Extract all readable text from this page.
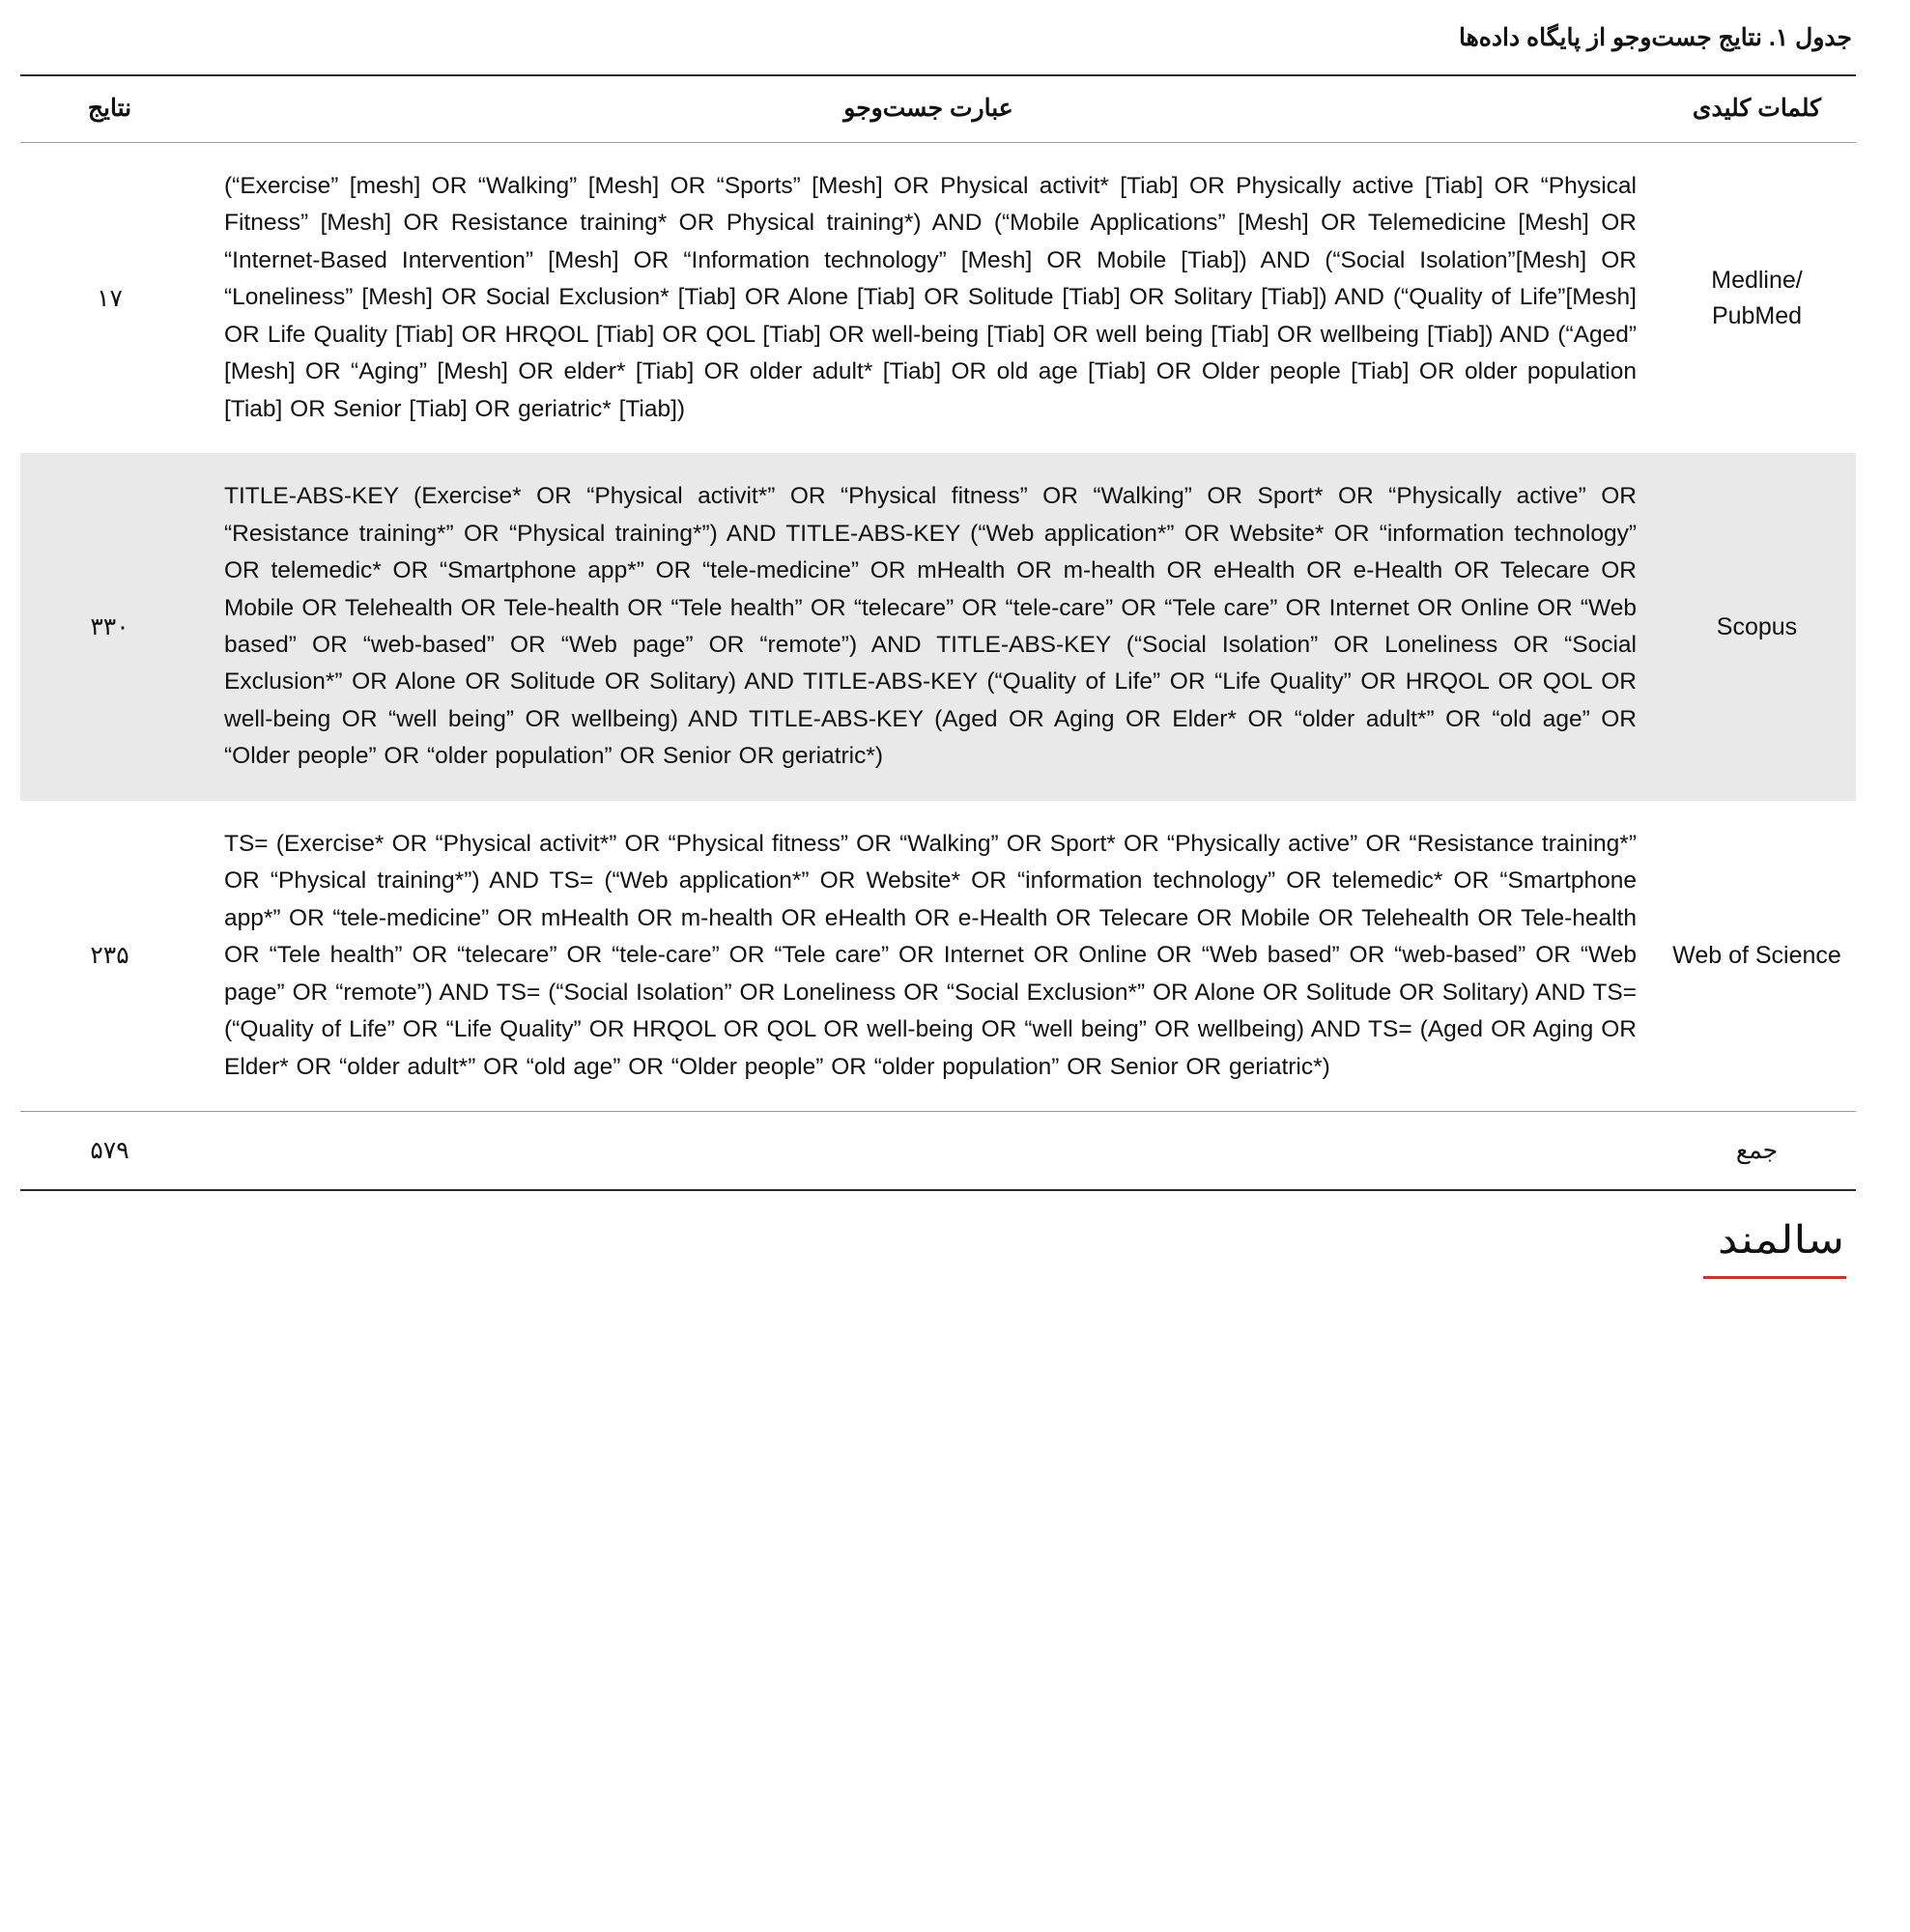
جدول ۱. نتایج جست‌وجو از پایگاه داده‌ها
کلمات کلیدی	عبارت جست‌وجو	نتایج
Medline/ PubMed	(“Exercise” [mesh] OR “Walking” [Mesh] OR “Sports” [Mesh] OR Physical activit* [Tiab] OR Physically active [Tiab] OR “Physical Fitness” [Mesh] OR Resistance training* OR Physical training*) AND (“Mobile Applications” [Mesh] OR Telemedicine [Mesh] OR “Internet-Based Intervention” [Mesh] OR “Information technology” [Mesh] OR Mobile [Tiab]) AND (“Social Isolation”[Mesh] OR “Loneliness” [Mesh] OR Social Exclusion* [Tiab] OR Alone [Tiab] OR Solitude [Tiab] OR Solitary [Tiab]) AND (“Quality of Life”[Mesh] OR Life Quality [Tiab] OR HRQOL [Tiab] OR QOL [Tiab] OR well-being [Tiab] OR well being [Tiab] OR wellbeing [Tiab]) AND (“Aged” [Mesh] OR “Aging” [Mesh] OR elder* [Tiab] OR older adult* [Tiab] OR old age [Tiab] OR Older people [Tiab] OR older population [Tiab] OR Senior [Tiab] OR geriatric* [Tiab])	۱۷
Scopus	TITLE-ABS-KEY (Exercise* OR “Physical activit*” OR “Physical fitness” OR “Walking” OR Sport* OR “Physically active” OR “Resistance training*” OR “Physical training*”) AND TITLE-ABS-KEY (“Web application*” OR Website* OR “information technology” OR telemedic* OR “Smartphone app*” OR “tele-medicine” OR mHealth OR m-health OR eHealth OR e-Health OR Telecare OR Mobile OR Telehealth OR Tele-health OR “Tele health” OR “telecare” OR “tele-care” OR “Tele care” OR Internet OR Online OR “Web based” OR “web-based” OR “Web page” OR “remote”) AND TITLE-ABS-KEY (“Social Isolation” OR Loneliness OR “Social Exclusion*” OR Alone OR Solitude OR Solitary) AND TITLE-ABS-KEY (“Quality of Life” OR “Life Quality” OR HRQOL OR QOL OR well-being OR “well being” OR wellbeing) AND TITLE-ABS-KEY (Aged OR Aging OR Elder* OR “older adult*” OR “old age” OR “Older people” OR “older population” OR Senior OR geriatric*)	۳۳۰
Web of Science	TS= (Exercise* OR “Physical activit*” OR “Physical fitness” OR “Walking” OR Sport* OR “Physically active” OR “Resistance training*” OR “Physical training*”) AND TS= (“Web application*” OR Website* OR “information technology” OR telemedic* OR “Smartphone app*” OR “tele-medicine” OR mHealth OR m-health OR eHealth OR e-Health OR Telecare OR Mobile OR Telehealth OR Tele-health OR “Tele health” OR “telecare” OR “tele-care” OR “Tele care” OR Internet OR Online OR “Web based” OR “web-based” OR “Web page” OR “remote”) AND TS= (“Social Isolation” OR Loneliness OR “Social Exclusion*” OR Alone OR Solitude OR Solitary) AND TS= (“Quality of Life” OR “Life Quality” OR HRQOL OR QOL OR well-being OR “well being” OR wellbeing) AND TS= (Aged OR Aging OR Elder* OR “older adult*” OR “old age” OR “Older people” OR “older population” OR Senior OR geriatric*)	۲۳۵
جمع		۵۷۹
سالمند
